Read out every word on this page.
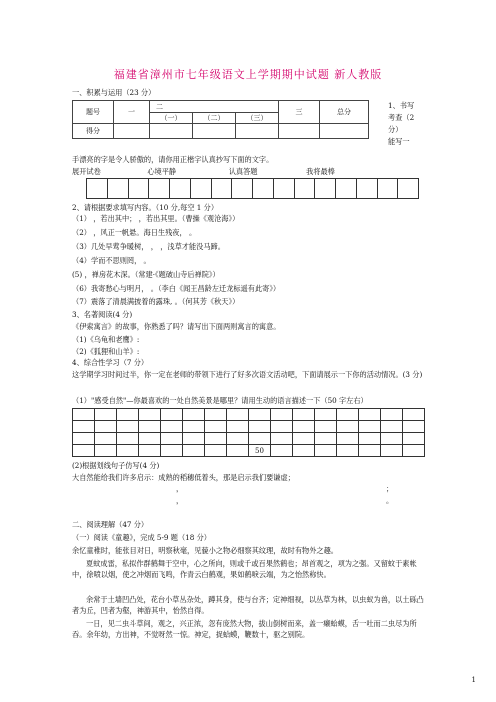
福建省漳州市七年级语文上学期期中试题 新人教版
一、积累与运用（23 分）
题号	一	二			三	总分
		（一）	（二）	（三）		
得分						
1、书写
考查（2
分）
能写一
手漂亮的字是令人骄傲的，请你用正楷字认真抄写下面的文字。
展开试卷	心境平静	认真答题	我将最棒
2、请根据要求填写内容。（10 分,每空 1 分）
（1） ，若出其中； ，若出其里。（曹操《观沧海》）
（2） ，风正一帆悬。海日生残夜， 。
（3）几处早莺争暖树， ， ，浅草才能没马蹄。
（4）学而不思则罔， 。
(5) ，禅房花木深。（常建·《题破山寺后禅院》）
（6）我寄愁心与明月， 。（李白《闻王昌龄左迁龙标遥有此寄》）
（7）震落了清晨满披着的露珠, 。（何其芳《秋天》）
3、名著阅读(4 分)
《伊索寓言》的故事，你熟悉了吗？请写出下面两则寓言的寓意。
（1)《乌龟和老鹰》:
（2)《狐狸和山羊》:
4、综合性学习（7 分）
这学期学习时间过半，你一定在老师的带领下进行了好多次语文活动吧，下面请展示一下你的活动情况。(3 分)
（1）"感受自然"—你最喜欢的一处自然美景是哪里？请用生动的语言描述一下（50 字左右）
50
(2)根据划线句子仿写(4 分)
大自然能给我们许多启示：成熟的稻穗低着头，那是启示我们要谦虚；
，	；
，	。
二、阅读理解（47 分）
（一）阅读《童趣》，完成 5-9 题（18 分）
余忆童稚时，能张目对日，明察秋毫，见藐小之物必细察其纹理，故时有物外之趣。
夏蚊成雷，私拟作群鹤舞于空中，心之所向，则或千或百果然鹤也；昂首观之，项为之强。又留蚊于素帐中，徐喷以烟，使之冲烟而飞鸣，作青云白鹤观，果如鹤唳云端，为之怡然称快。
余常于土墙凹凸处，花台小草丛杂处，蹲其身，使与台齐；定神细视，以丛草为林，以虫蚁为兽，以土砾凸者为丘，凹者为壑，神游其中，怡然自得。
一日，见二虫斗草间，观之，兴正浓，忽有庞然大物，拔山倒树而来，盖一癞蛤蟆，舌一吐而二虫尽为所吞。余年幼，方出神，不觉呀然一惊。神定，捉蛤蟆，鞭数十，驱之别院。
1
